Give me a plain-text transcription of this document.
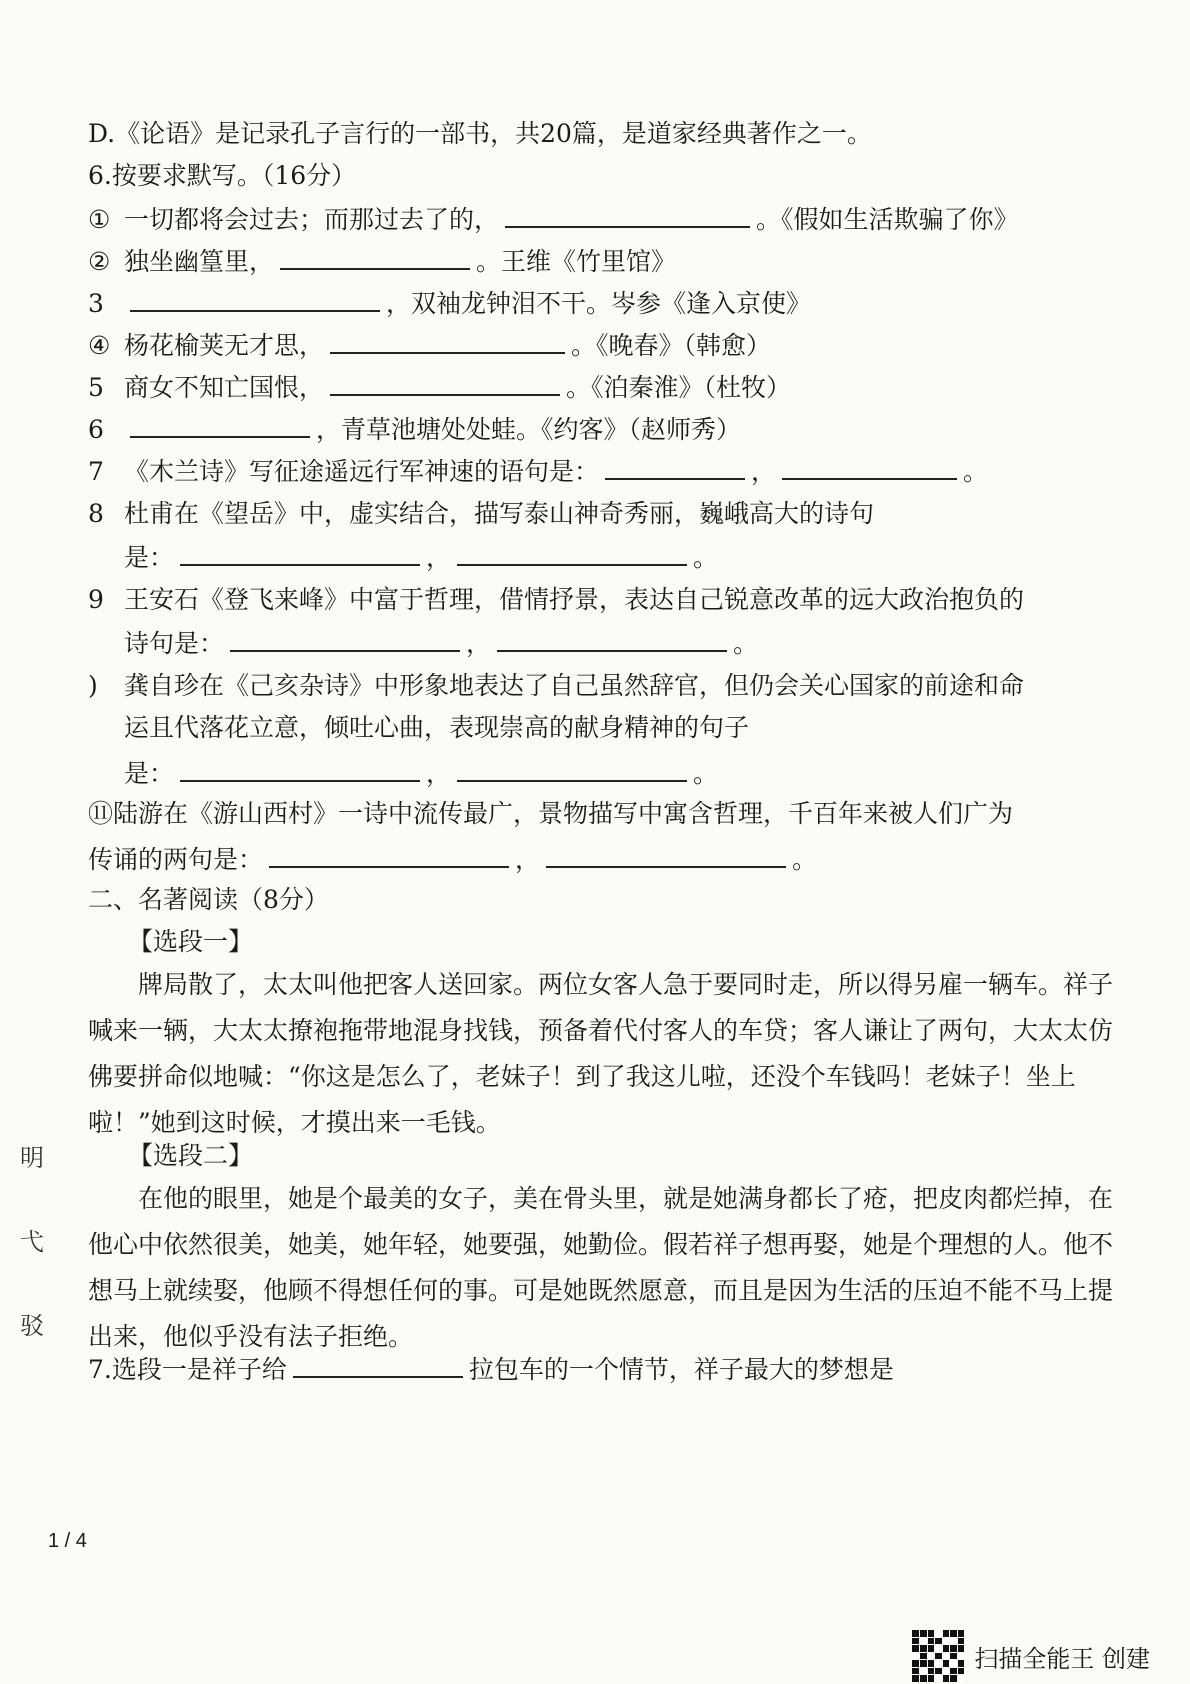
D.《论语》是记录孔子言行的一部书，共20篇，是道家经典著作之一。
6.按要求默写。（16分）
① 一切都将会过去；而那过去了的，	。《假如生活欺骗了你》
② 独坐幽篁里，	。王维《竹里馆》
3	，双袖龙钟泪不干。岑参《逢入京使》
④ 杨花榆荚无才思，	。《晚春》（韩愈）
5 商女不知亡国恨，	。《泊秦淮》（杜牧）
6	，青草池塘处处蛙。《约客》（赵师秀）
7 《木兰诗》写征途遥远行军神速的语句是：	，	。
8 杜甫在《望岳》中，虚实结合，描写泰山神奇秀丽，巍峨高大的诗句
是：	，	。
9 王安石《登飞来峰》中富于哲理，借情抒景，表达自己锐意改革的远大政治抱负的
诗句是：	，	。
) 龚自珍在《己亥杂诗》中形象地表达了自己虽然辞官，但仍会关心国家的前途和命
运且代落花立意，倾吐心曲，表现崇高的献身精神的句子
是：	，	。
⑪陆游在《游山西村》一诗中流传最广，景物描写中寓含哲理，千百年来被人们广为
传诵的两句是：	，	。
二、名著阅读（8分）
【选段一】
牌局散了，太太叫他把客人送回家。两位女客人急于要同时走，所以得另雇一辆车。祥子喊来一辆，大太太撩袍拖带地混身找钱，预备着代付客人的车贷；客人谦让了两句，大太太仿佛要拼命似地喊：“你这是怎么了，老妹子！到了我这儿啦，还没个车钱吗！老妹子！坐上啦！”她到这时候，才摸出来一毛钱。
【选段二】
在他的眼里，她是个最美的女子，美在骨头里，就是她满身都长了疮，把皮肉都烂掉，在他心中依然很美，她美，她年轻，她要强，她勤俭。假若祥子想再娶，她是个理想的人。他不想马上就续娶，他顾不得想任何的事。可是她既然愿意，而且是因为生活的压迫不能不马上提出来，他似乎没有法子拒绝。
7.选段一是祥子给	拉包车的一个情节，祥子最大的梦想是
明
弋
驳
1 / 4
扫描全能王 创建
